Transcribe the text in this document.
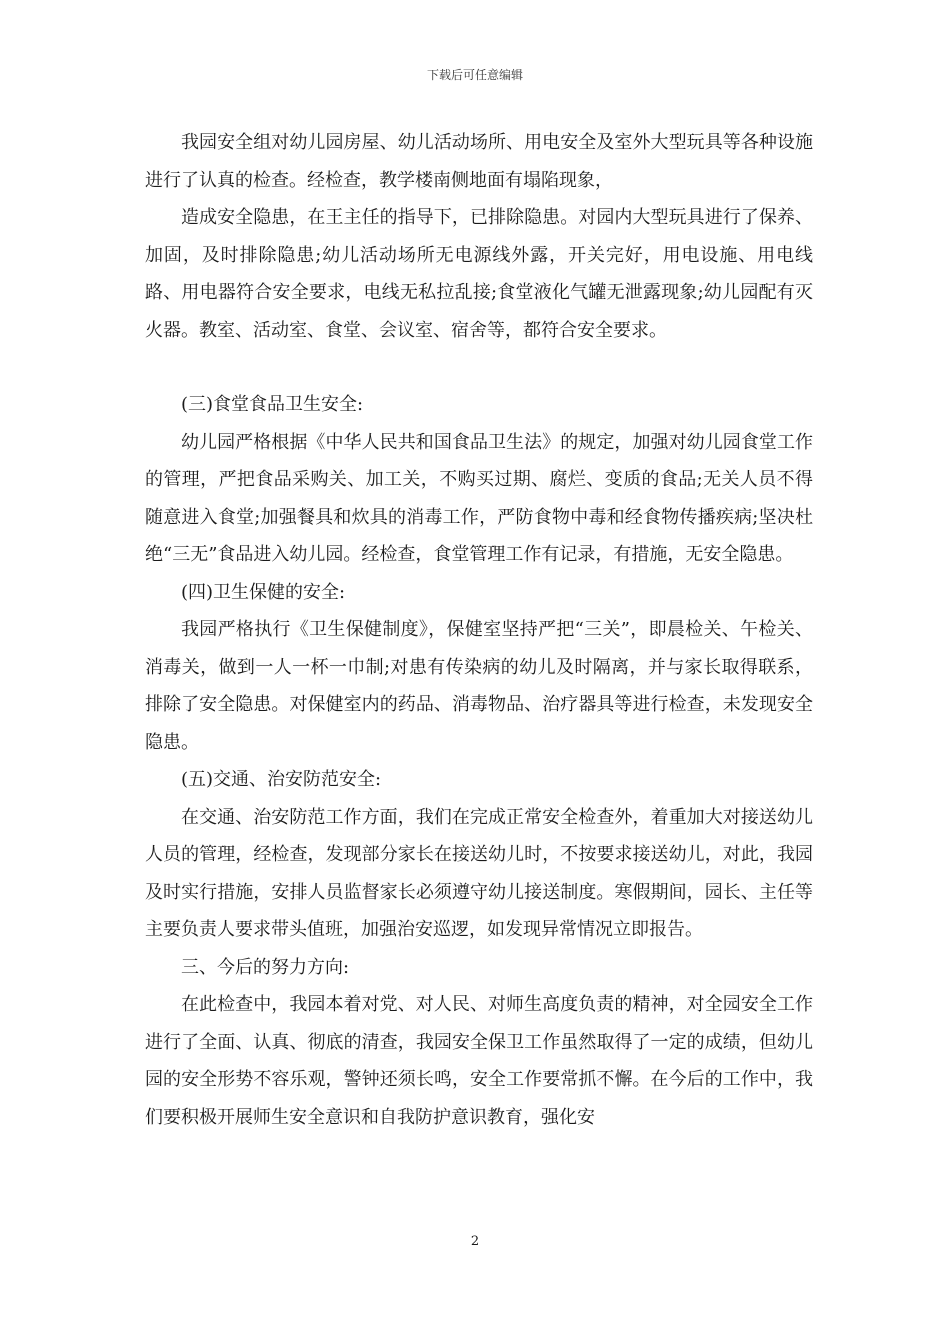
下载后可任意编辑

我园安全组对幼儿园房屋、幼儿活动场所、用电安全及室外大型玩具等各种设施进行了认真的检查。经检查，教学楼南侧地面有塌陷现象，

造成安全隐患，在王主任的指导下，已排除隐患。对园内大型玩具进行了保养、加固，及时排除隐患;幼儿活动场所无电源线外露，开关完好，用电设施、用电线路、用电器符合安全要求，电线无私拉乱接;食堂液化气罐无泄露现象;幼儿园配有灭火器。教室、活动室、食堂、会议室、宿舍等，都符合安全要求。

(三)食堂食品卫生安全:

幼儿园严格根据《中华人民共和国食品卫生法》的规定，加强对幼儿园食堂工作的管理，严把食品采购关、加工关，不购买过期、腐烂、变质的食品;无关人员不得随意进入食堂;加强餐具和炊具的消毒工作，严防食物中毒和经食物传播疾病;坚决杜绝“三无”食品进入幼儿园。经检查，食堂管理工作有记录，有措施，无安全隐患。

(四)卫生保健的安全:

我园严格执行《卫生保健制度》，保健室坚持严把“三关”，即晨检关、午检关、消毒关，做到一人一杯一巾制;对患有传染病的幼儿及时隔离，并与家长取得联系，排除了安全隐患。对保健室内的药品、消毒物品、治疗器具等进行检查，未发现安全隐患。

(五)交通、治安防范安全:

在交通、治安防范工作方面，我们在完成正常安全检查外，着重加大对接送幼儿人员的管理，经检查，发现部分家长在接送幼儿时，不按要求接送幼儿，对此，我园及时实行措施，安排人员监督家长必须遵守幼儿接送制度。寒假期间，园长、主任等主要负责人要求带头值班，加强治安巡逻，如发现异常情况立即报告。

三、今后的努力方向:

在此检查中，我园本着对党、对人民、对师生高度负责的精神，对全园安全工作进行了全面、认真、彻底的清查，我园安全保卫工作虽然取得了一定的成绩，但幼儿园的安全形势不容乐观，警钟还须长鸣，安全工作要常抓不懈。在今后的工作中，我们要积极开展师生安全意识和自我防护意识教育，强化安

2
